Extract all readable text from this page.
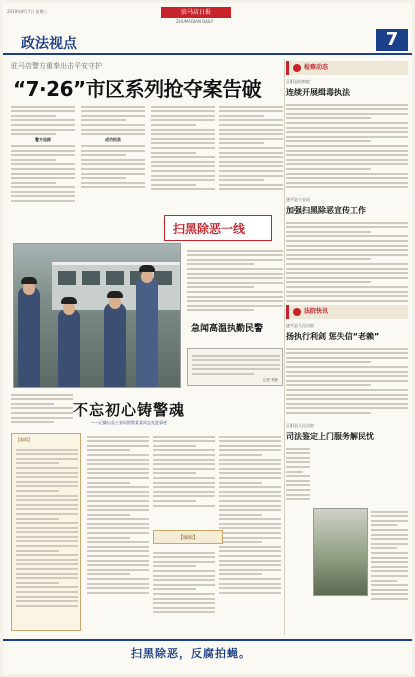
2019年8月7日 星期三	驻马店日报
ZHUMADIAN DAILY
政法视点	7
驻马店警方重拳出击平安守护
“7·26”市区系列抢夺案告破
警方追踪	成功抓获
扫黑除恶一线
急闻高温执勤民警
记者 李静
不忘初心铸警魂
——记确山县公安局刑警某某同志先进事迹
【编辑】
【编辑】
检察动态
正阳县检察院
连续开展缉毒执法
遂平县公安局
加强扫黑除恶宣传工作
法院快讯
遂平县人民法院
扬执行利剑 惩失信“老赖”
正阳县人民法院
司法鉴定上门服务解民忧
扫黑除恶，反腐拍蝇。
